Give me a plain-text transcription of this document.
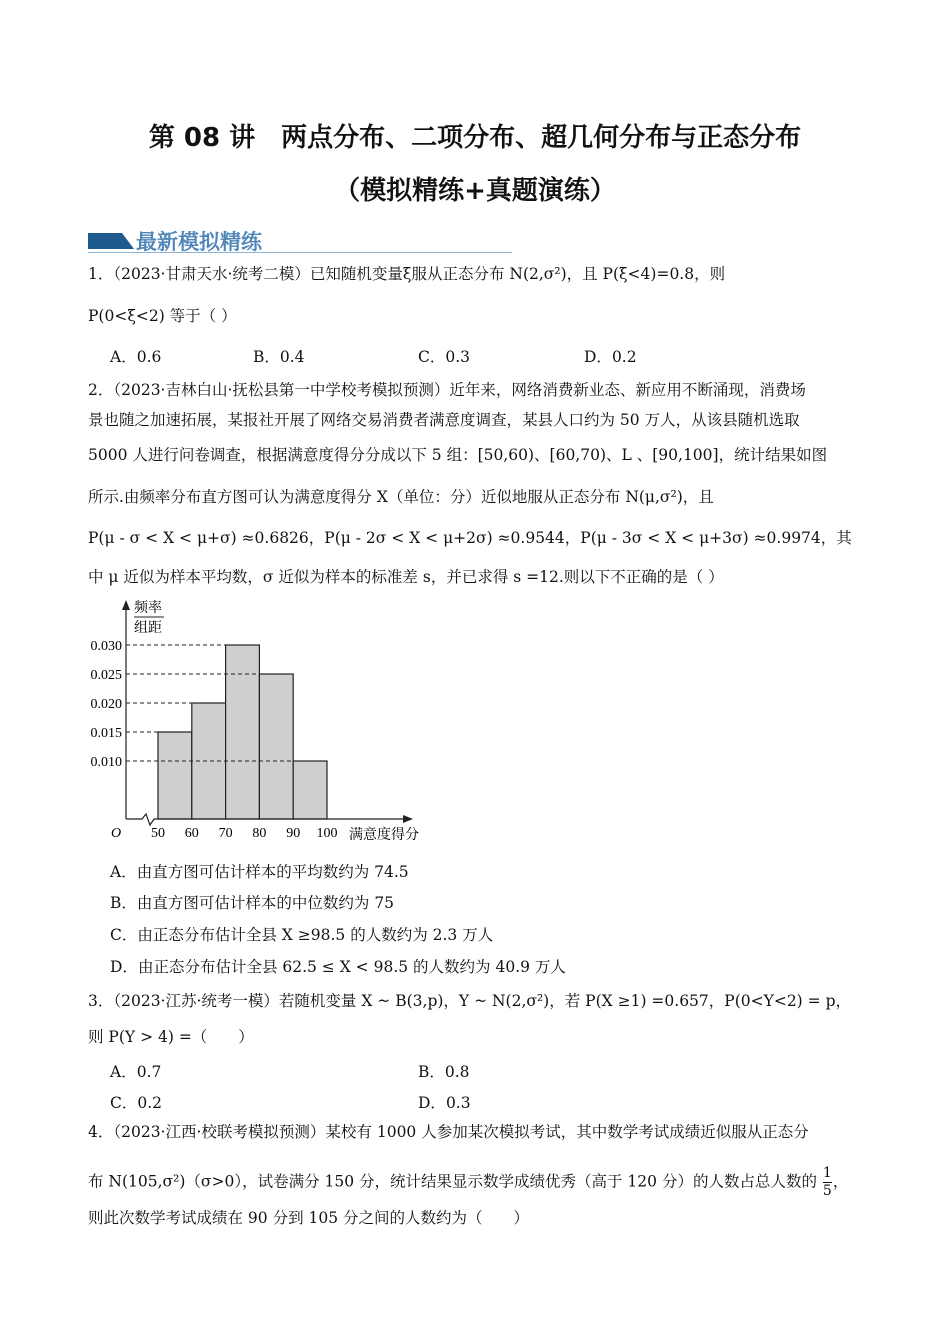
第 08 讲　两点分布、二项分布、超几何分布与正态分布
（模拟精练+真题演练）
最新模拟精练
1．（2023·甘肃天水·统考二模）已知随机变量ξ服从正态分布 N(2,σ²)，且 P(ξ<4)=0.8，则
P(0<ξ<2) 等于（ ）
A．0.6	B．0.4	C．0.3	D．0.2
2．（2023·吉林白山·抚松县第一中学校考模拟预测）近年来，网络消费新业态、新应用不断涌现，消费场
景也随之加速拓展，某报社开展了网络交易消费者满意度调查，某县人口约为 50 万人，从该县随机选取
5000 人进行问卷调查，根据满意度得分分成以下 5 组：[50,60)、[60,70)、L 、[90,100]，统计结果如图
所示.由频率分布直方图可认为满意度得分 X（单位：分）近似地服从正态分布 N(μ,σ²)，且
P(μ - σ < X < μ+σ) ≈0.6826，P(μ - 2σ < X < μ+2σ) ≈0.9544，P(μ - 3σ < X < μ+3σ) ≈0.9974，其
中 μ 近似为样本平均数，σ 近似为样本的标准差 s，并已求得 s =12.则以下不正确的是（ ）
0.030
0.025
0.020
0.015
0.010
50 60 70 80 90 100
O	满意度得分
频率
组距
A．由直方图可估计样本的平均数约为 74.5
B．由直方图可估计样本的中位数约为 75
C．由正态分布估计全县 X ≥98.5 的人数约为 2.3 万人
D．由正态分布估计全县 62.5 ≤ X < 98.5 的人数约为 40.9 万人
3．（2023·江苏·统考一模）若随机变量 X ~ B(3,p)，Y ~ N(2,σ²)，若 P(X ≥1) =0.657，P(0<Y<2) = p，
则 P(Y > 4) =（　　）
A．0.7	B．0.8
C．0.2	D．0.3
4．（2023·江西·校联考模拟预测）某校有 1000 人参加某次模拟考试，其中数学考试成绩近似服从正态分
布 N(105,σ²)（σ>0），试卷满分 150 分，统计结果显示数学成绩优秀（高于 120 分）的人数占总人数的 $\frac{1}{5}$ ，
则此次数学考试成绩在 90 分到 105 分之间的人数约为（　　）
